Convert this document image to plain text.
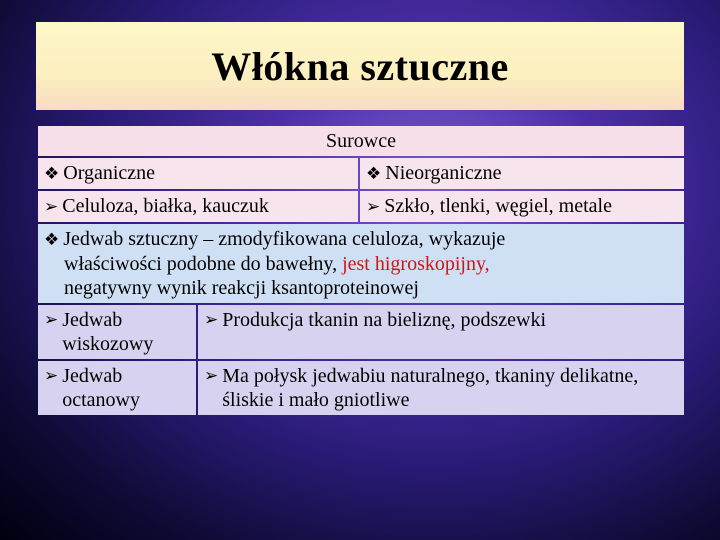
Włókna sztuczne
Surowce		
❖ Organiczne		❖ Nieorganiczne
➢ Celuloza, białka, kauczuk		➢ Szkło, tlenki, węgiel, metale
❖ Jedwab sztuczny – zmodyfikowana celuloza, wykazuje
właściwości podobne do bawełny, jest higroskopijny,
negatywny wynik reakcji ksantoproteinowej		

➢ Jedwab wiskozowy	➢ Produkcja tkanin na bieliznę, podszewki	

➢ Jedwab octanowy	➢ Ma połysk jedwabiu naturalnego, tkaniny delikatne, śliskie i mało gniotliwe	
